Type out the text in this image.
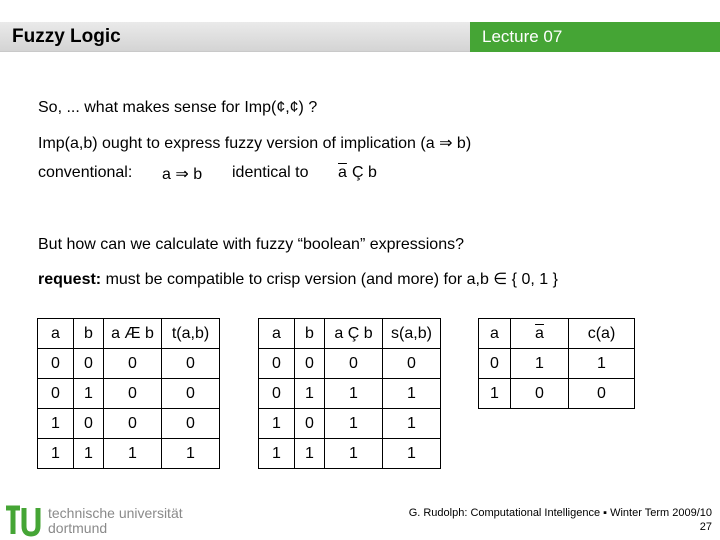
Fuzzy Logic	Lecture 07
So, ... what makes sense for Imp(¢,¢) ?
Imp(a,b) ought to express fuzzy version of implication (a ⇒ b)
conventional: a ⇒ b identical to $\overline{a}$ Ç b
But how can we calculate with fuzzy “boolean” expressions?
request: must be compatible to crisp version (and more) for a,b ∈ { 0, 1 }
a	b	a Æ b	t(a,b)
0	0	0	0
0	1	0	0
1	0	0	0
1	1	1	1
a	b	a Ç b	s(a,b)
0	0	0	0
0	1	1	1
1	0	1	1
1	1	1	1
a	$\overline{a}$	c(a)
0	1	1
1	0	0
technische universität
dortmund
G. Rudolph: Computational Intelligence ▪ Winter Term 2009/10
27
